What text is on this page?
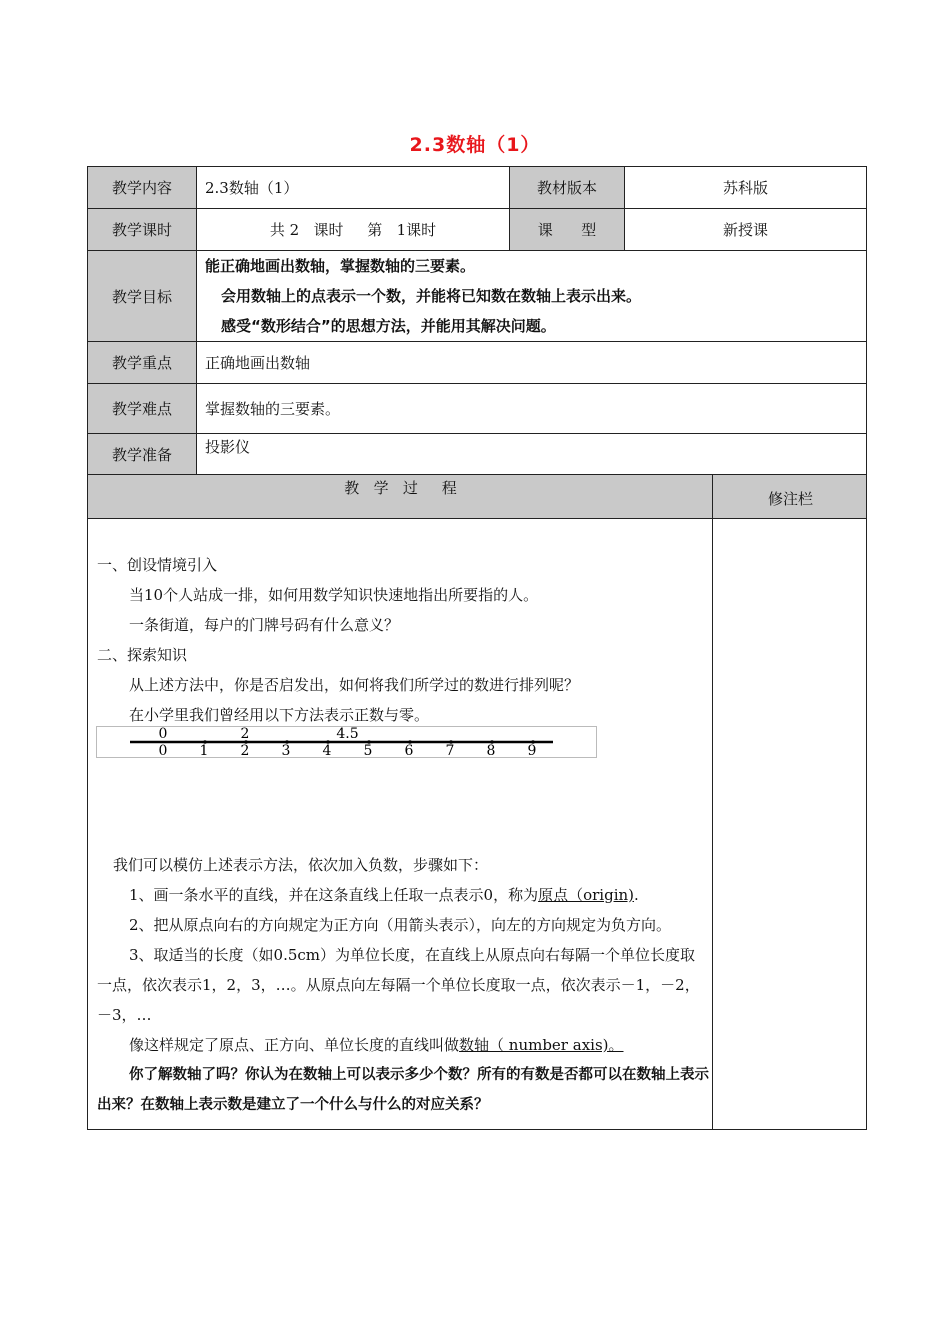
2.3数轴（1）
教学内容	2.3数轴（1）	教材版本	苏科版
教学课时	共 2   课时     第   1课时	课      型	新授课
教学目标	能正确地画出数轴，掌握数轴的三要素。
会用数轴上的点表示一个数，并能将已知数在数轴上表示出来。
感受“数形结合”的思想方法，并能用其解决问题。		

教学重点	正确地画出数轴		
教学难点	掌握数轴的三要素。		
教学准备	投影仪		
教   学   过     程
修注栏

一、创设情境引入

当10个人站成一排，如何用数学知识快速地指出所要指的人。

一条街道，每户的门牌号码有什么意义？

二、探索知识

从上述方法中，你是否启发出，如何将我们所学过的数进行排列呢？

在小学里我们曾经用以下方法表示正数与零。

我们可以模仿上述表示方法，依次加入负数，步骤如下：

1、画一条水平的直线，并在这条直线上任取一点表示0，称为原点（origin).

2、把从原点向右的方向规定为正方向（用箭头表示），向左的方向规定为负方向。

3、取适当的长度（如0.5cm）为单位长度，在直线上从原点向右每隔一个单位长度取一点，依次表示1，2，3，…。从原点向左每隔一个单位长度取一点，依次表示－1，－2，－3，…

像这样规定了原点、正方向、单位长度的直线叫做数轴（ number axis)。

你了解数轴了吗？你认为在数轴上可以表示多少个数？所有的有数是否都可以在数轴上表示出来？在数轴上表示数是建立了一个什么与什么的对应关系？

0 1 2 3 4 5 6 7 8 9
0	2	4.5
